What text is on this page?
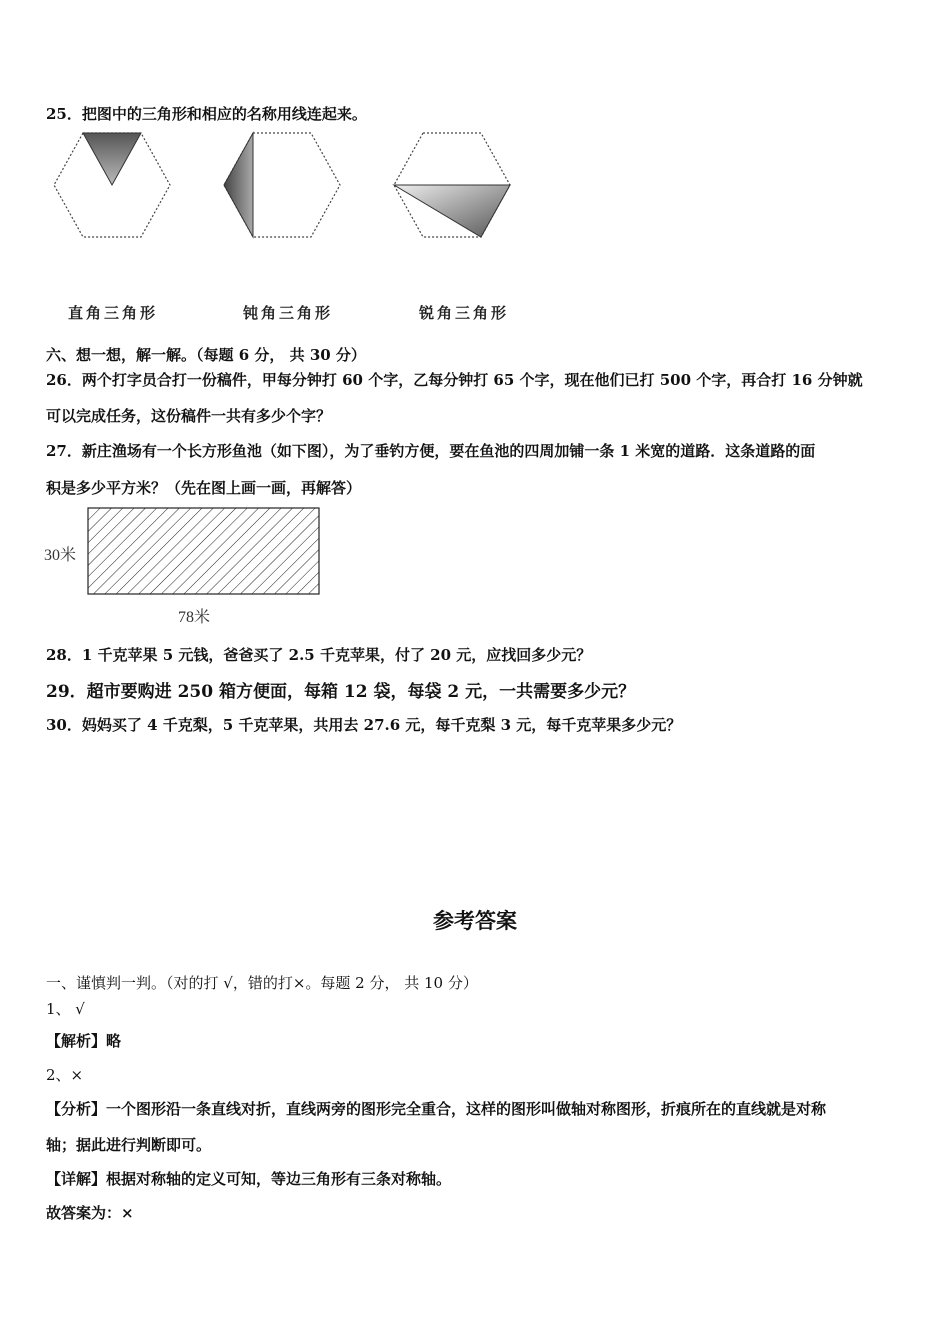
25．把图中的三角形和相应的名称用线连起来。
直角三角形	钝角三角形	锐角三角形
六、想一想，解一解。（每题 6 分， 共 30 分）
26．两个打字员合打一份稿件，甲每分钟打 60 个字，乙每分钟打 65 个字，现在他们已打 500 个字，再合打 16 分钟就
可以完成任务，这份稿件一共有多少个字？
27．新庄渔场有一个长方形鱼池（如下图），为了垂钓方便，要在鱼池的四周加铺一条 1 米宽的道路．这条道路的面
积是多少平方米？（先在图上画一画，再解答）
30米
78米
28．1 千克苹果 5 元钱，爸爸买了 2.5 千克苹果，付了 20 元，应找回多少元？
29．超市要购进 250 箱方便面，每箱 12 袋，每袋 2 元，一共需要多少元？
30．妈妈买了 4 千克梨，5 千克苹果，共用去 27.6 元，每千克梨 3 元，每千克苹果多少元？
参考答案
一、谨慎判一判。（对的打 √，错的打×。每题 2 分， 共 10 分）
1、 √
【解析】略
2、×
【分析】一个图形沿一条直线对折，直线两旁的图形完全重合，这样的图形叫做轴对称图形，折痕所在的直线就是对称
轴；据此进行判断即可。
【详解】根据对称轴的定义可知，等边三角形有三条对称轴。
故答案为：×
